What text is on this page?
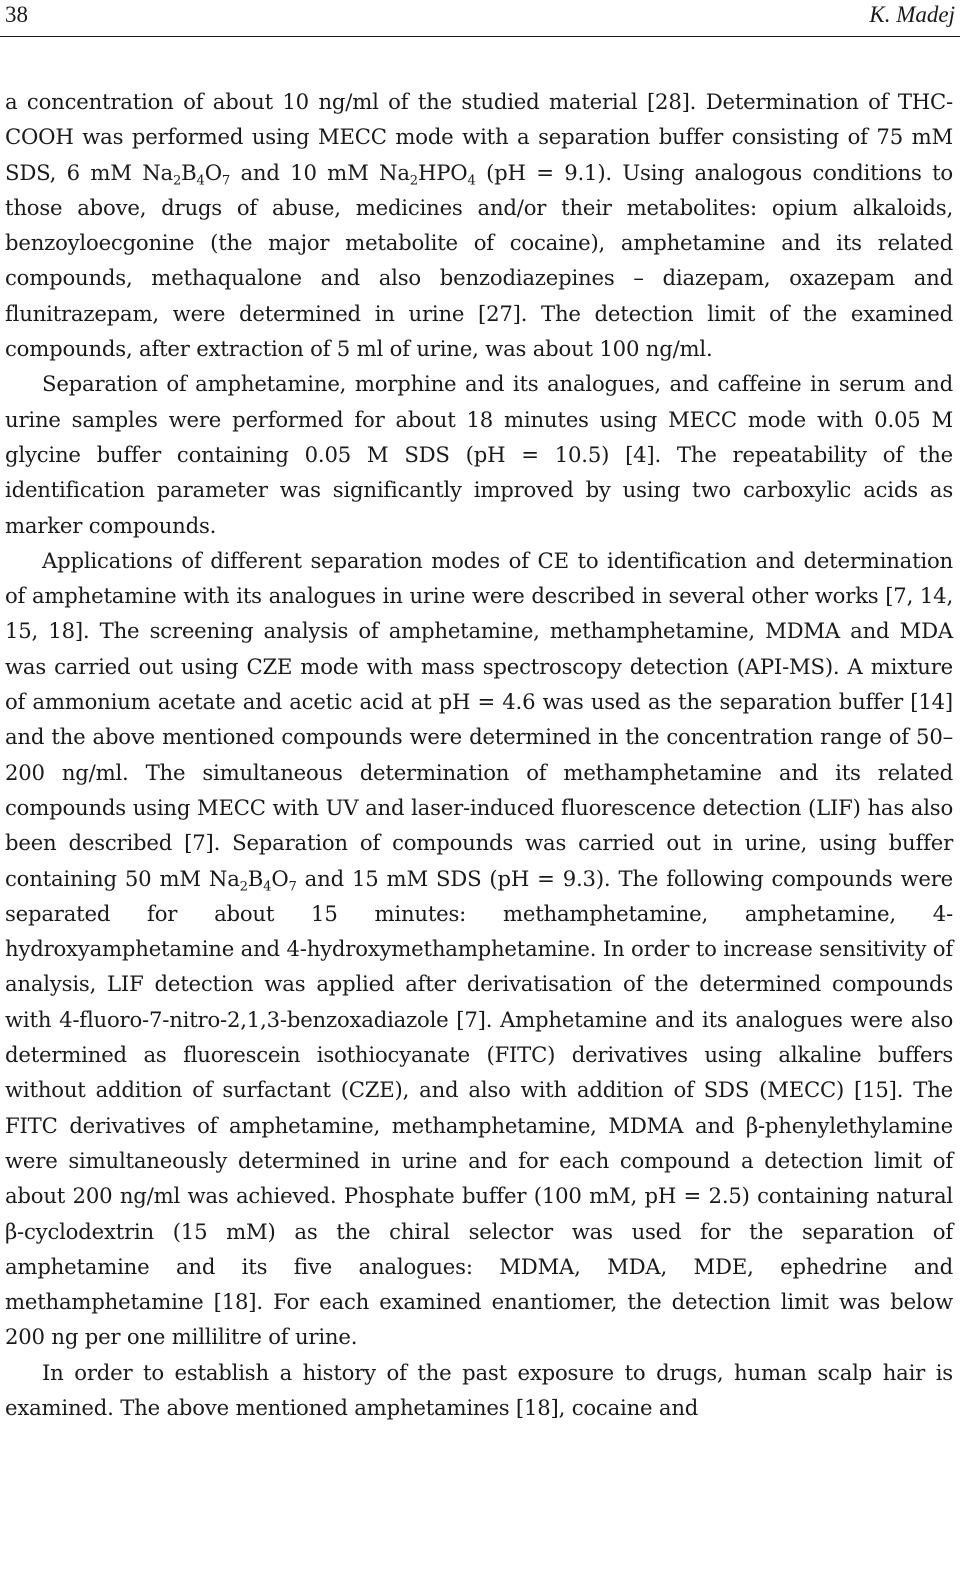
38	K. Madej

a concentration of about 10 ng/ml of the studied material [28]. Determination of THC-COOH was performed using MECC mode with a separation buffer consisting of 75 mM SDS, 6 mM $Na_2B_4O_7$ and 10 mM $Na_2HPO_4$ (pH = 9.1). Using analogous conditions to those above, drugs of abuse, medicines and/or their metabolites: opium alkaloids, benzoyloecgonine (the major metabolite of cocaine), amphetamine and its related compounds, methaqualone and also benzodiazepines – diazepam, oxazepam and flunitrazepam, were determined in urine [27]. The detection limit of the examined compounds, after extraction of 5 ml of urine, was about 100 ng/ml.

Separation of amphetamine, morphine and its analogues, and caffeine in serum and urine samples were performed for about 18 minutes using MECC mode with 0.05 M glycine buffer containing 0.05 M SDS (pH = 10.5) [4]. The repeatability of the identification parameter was significantly improved by using two carboxylic acids as marker compounds.

Applications of different separation modes of CE to identification and determination of amphetamine with its analogues in urine were described in several other works [7, 14, 15, 18]. The screening analysis of amphetamine, methamphetamine, MDMA and MDA was carried out using CZE mode with mass spectroscopy detection (API-MS). A mixture of ammonium acetate and acetic acid at pH = 4.6 was used as the separation buffer [14] and the above mentioned compounds were determined in the concentration range of 50–200 ng/ml. The simultaneous determination of methamphetamine and its related compounds using MECC with UV and laser-induced fluorescence detection (LIF) has also been described [7]. Separation of compounds was carried out in urine, using buffer containing 50 mM $Na_2B_4O_7$ and 15 mM SDS (pH = 9.3). The following compounds were separated for about 15 minutes: methamphetamine, amphetamine, 4-hydroxyamphetamine and 4-hydroxymethamphetamine. In order to increase sensitivity of analysis, LIF detection was applied after derivatisation of the determined compounds with 4-fluoro-7-nitro-2,1,3-benzoxadiazole [7]. Amphetamine and its analogues were also determined as fluorescein isothiocyanate (FITC) derivatives using alkaline buffers without addition of surfactant (CZE), and also with addition of SDS (MECC) [15]. The FITC derivatives of amphetamine, methamphetamine, MDMA and β-phenylethylamine were simultaneously determined in urine and for each compound a detection limit of about 200 ng/ml was achieved. Phosphate buffer (100 mM, pH = 2.5) containing natural β-cyclodextrin (15 mM) as the chiral selector was used for the separation of amphetamine and its five analogues: MDMA, MDA, MDE, ephedrine and methamphetamine [18]. For each examined enantiomer, the detection limit was below 200 ng per one millilitre of urine.

In order to establish a history of the past exposure to drugs, human scalp hair is examined. The above mentioned amphetamines [18], cocaine and
